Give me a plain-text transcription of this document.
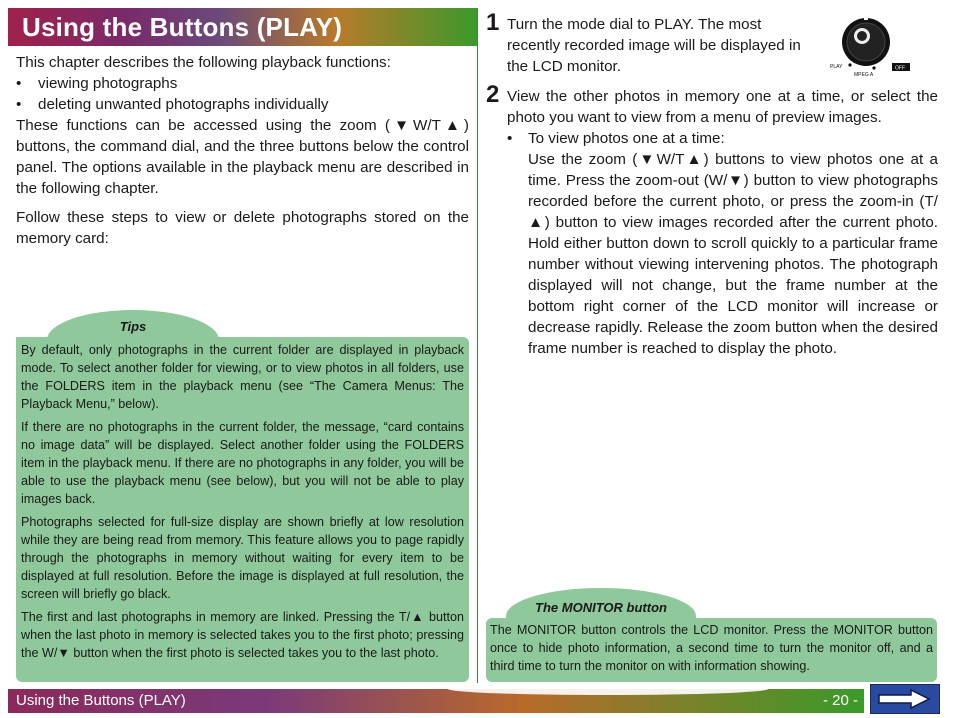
Using the Buttons (PLAY)

This chapter describes the following playback functions:

• viewing photographs
• deleting unwanted photographs individually

These functions can be accessed using the zoom (▼W/T▲) buttons, the command dial, and the three buttons below the control panel. The options available in the playback menu are described in the following chapter.

Follow these steps to view or delete photographs stored on the memory card:

Tips

By default, only photographs in the current folder are displayed in playback mode. To select another folder for viewing, or to view photos in all folders, use the FOLDERS item in the playback menu (see “The Camera Menus: The Playback Menu,” below).

If there are no photographs in the current folder, the message, “card contains no image data” will be displayed. Select another folder using the FOLDERS item in the playback menu. If there are no photographs in any folder, you will be able to use the playback menu (see below), but you will not be able to play images back.

Photographs selected for full-size display are shown briefly at low resolution while they are being read from memory. This feature allows you to page rapidly through the photographs in memory without waiting for every item to be displayed at full resolution. Before the image is displayed at full resolution, the screen will briefly go black.

The first and last photographs in memory are linked. Pressing the T/▲ button when the last photo in memory is selected takes you to the first photo; pressing the W/▼ button when the first photo is selected takes you to the last photo.

1 Turn the mode dial to PLAY. The most recently recorded image will be displayed in the LCD monitor.	PLAY
MPEG A
OFF
2 View the other photos in memory one at a time, or select the photo you want to view from a menu of preview images.
• To view photos one at a time:

Use the zoom (▼W/T▲) buttons to view photos one at a time. Press the zoom-out (W/▼) button to view photographs recorded before the current photo, or press the zoom-in (T/▲) button to view images recorded after the current photo. Hold either button down to scroll quickly to a particular frame number without viewing intervening photos. The photograph displayed will not change, but the frame number at the bottom right corner of the LCD monitor will increase or decrease rapidly. Release the zoom button when the desired frame number is reached to display the photo.

The MONITOR button
The MONITOR button controls the LCD monitor. Press the MONITOR button once to hide photo information, a second time to turn the monitor off, and a third time to turn the monitor on with information showing.
Using the Buttons (PLAY)	- 20 -
